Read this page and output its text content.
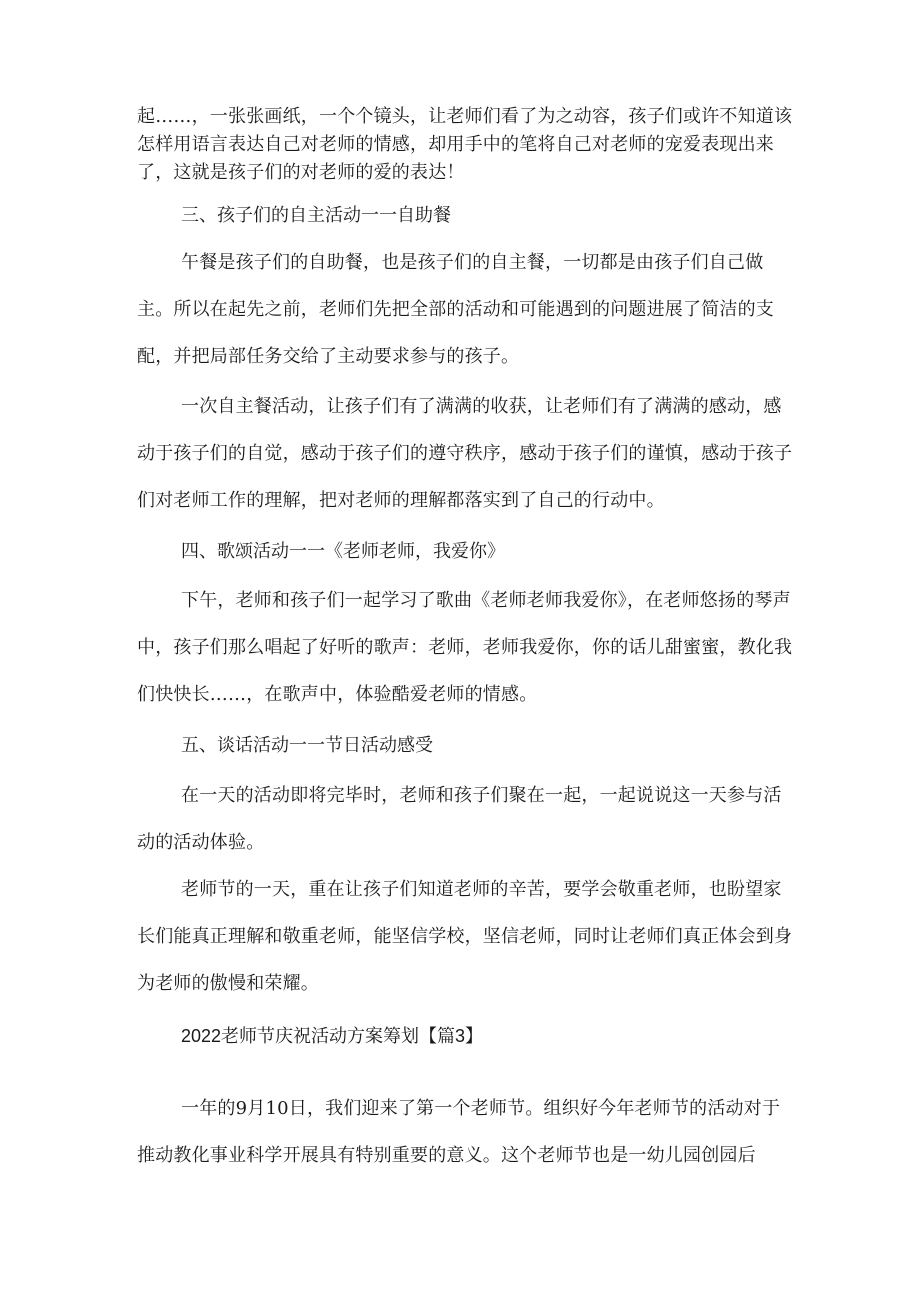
起……，一张张画纸，一个个镜头，让老师们看了为之动容，孩子们或许不知道该怎样用语言表达自己对老师的情感，却用手中的笔将自己对老师的宠爱表现出来了，这就是孩子们的对老师的爱的表达！

三、孩子们的自主活动一一自助餐

午餐是孩子们的自助餐，也是孩子们的自主餐，一切都是由孩子们自己做主。所以在起先之前，老师们先把全部的活动和可能遇到的问题进展了简洁的支配，并把局部任务交给了主动要求参与的孩子。

一次自主餐活动，让孩子们有了满满的收获，让老师们有了满满的感动，感动于孩子们的自觉，感动于孩子们的遵守秩序，感动于孩子们的谨慎，感动于孩子们对老师工作的理解，把对老师的理解都落实到了自己的行动中。

四、歌颂活动一一《老师老师，我爱你》

下午，老师和孩子们一起学习了歌曲《老师老师我爱你》，在老师悠扬的琴声中，孩子们那么唱起了好听的歌声：老师，老师我爱你，你的话儿甜蜜蜜，教化我们快快长……，在歌声中，体验酷爱老师的情感。

五、谈话活动一一节日活动感受

在一天的活动即将完毕时，老师和孩子们聚在一起，一起说说这一天参与活动的活动体验。

老师节的一天，重在让孩子们知道老师的辛苦，要学会敬重老师，也盼望家长们能真正理解和敬重老师，能坚信学校，坚信老师，同时让老师们真正体会到身为老师的傲慢和荣耀。

2022老师节庆祝活动方案筹划【篇3】

一年的9月10日，我们迎来了第一个老师节。组织好今年老师节的活动对于推动教化事业科学开展具有特别重要的意义。这个老师节也是一幼儿园创园后
